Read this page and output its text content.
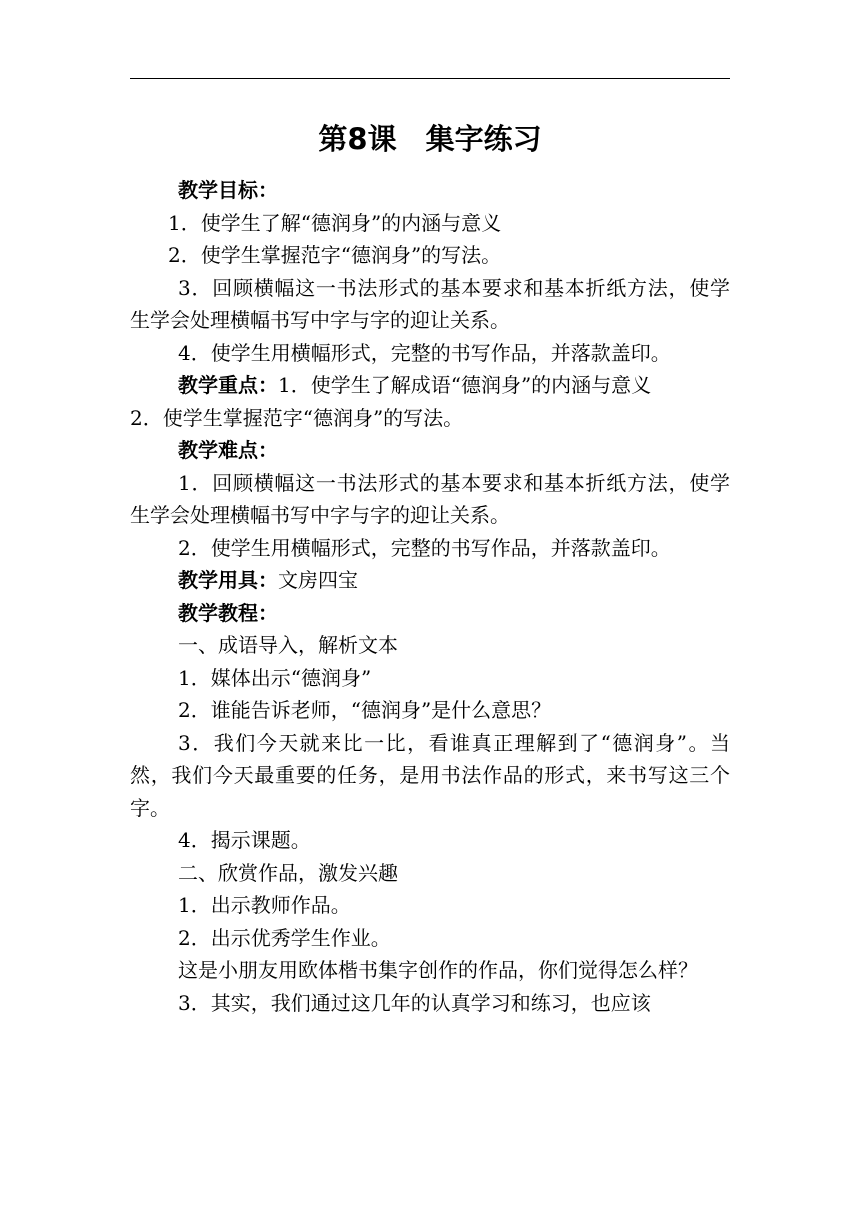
第8课　集字练习

教学目标：

1．使学生了解“德润身”的内涵与意义

2．使学生掌握范字“德润身”的写法。

3．回顾横幅这一书法形式的基本要求和基本折纸方法，使学生学会处理横幅书写中字与字的迎让关系。

4．使学生用横幅形式，完整的书写作品，并落款盖印。

教学重点：1．使学生了解成语“德润身”的内涵与意义

2．使学生掌握范字“德润身”的写法。

教学难点：

1．回顾横幅这一书法形式的基本要求和基本折纸方法，使学生学会处理横幅书写中字与字的迎让关系。

2．使学生用横幅形式，完整的书写作品，并落款盖印。

教学用具：文房四宝

教学教程：

一、成语导入，解析文本

1．媒体出示“德润身”

2．谁能告诉老师，“德润身”是什么意思？

3．我们今天就来比一比，看谁真正理解到了“德润身”。当然，我们今天最重要的任务，是用书法作品的形式，来书写这三个字。

4．揭示课题。

二、欣赏作品，激发兴趣

1．出示教师作品。

2．出示优秀学生作业。

这是小朋友用欧体楷书集字创作的作品，你们觉得怎么样？

3．其实，我们通过这几年的认真学习和练习，也应该
